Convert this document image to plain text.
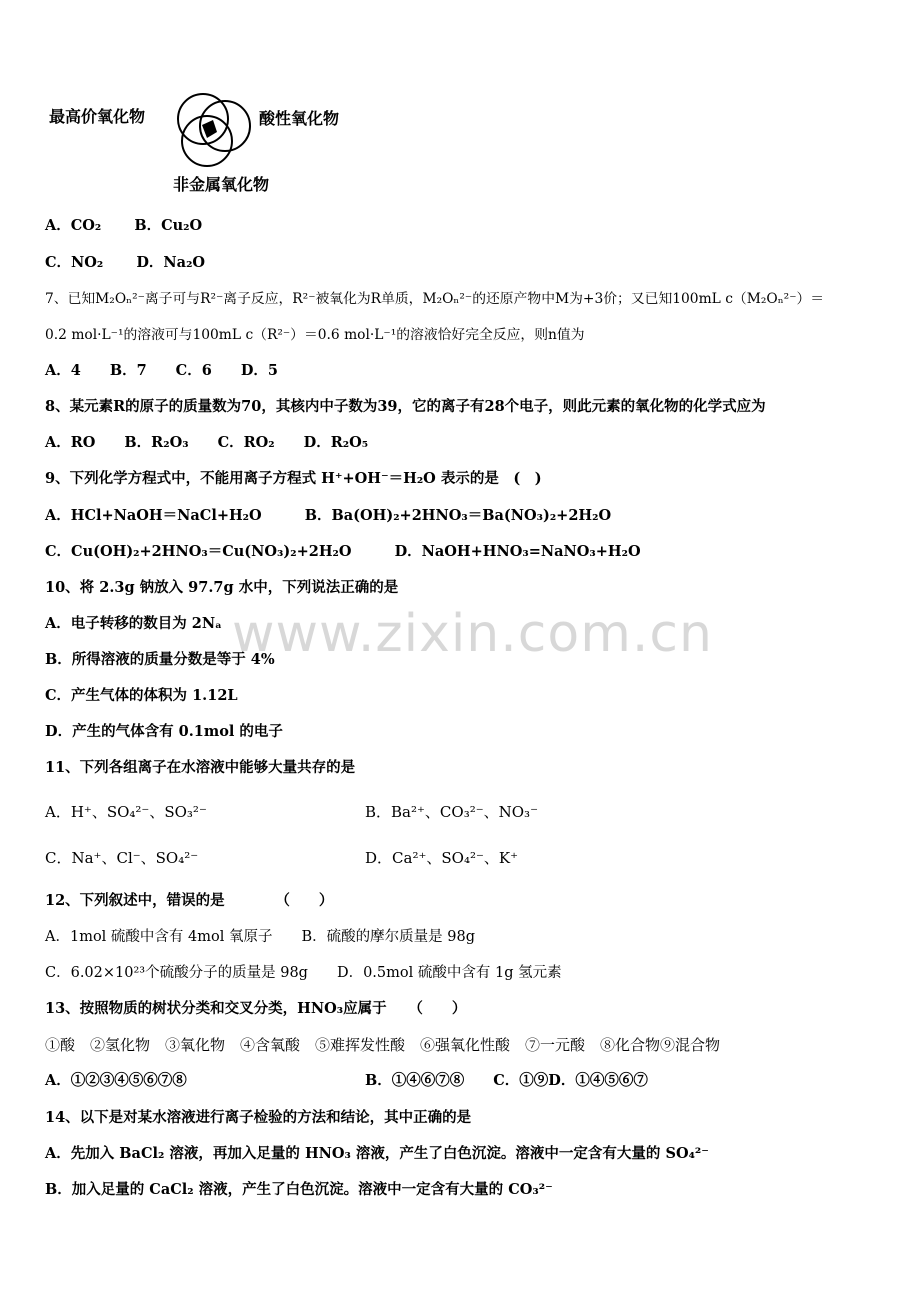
最高价氧化物	酸性氧化物
非金属氧化物
A．CO₂ B．Cu₂O
C．NO₂ D．Na₂O
7、已知M₂Oₙ²⁻离子可与R²⁻离子反应，R²⁻被氧化为R单质，M₂Oₙ²⁻的还原产物中M为+3价；又已知100mL c（M₂Oₙ²⁻）＝
0.2 mol·L⁻¹的溶液可与100mL c（R²⁻）＝0.6 mol·L⁻¹的溶液恰好完全反应，则n值为
A．4　　B．7　　C．6　　D．5
8、某元素R的原子的质量数为70，其核内中子数为39，它的离子有28个电子，则此元素的氧化物的化学式应为
A．RO　　B．R₂O₃　　C．RO₂　　D．R₂O₅
9、下列化学方程式中，不能用离子方程式 H⁺+OH⁻＝H₂O 表示的是　(　)
A．HCl+NaOH＝NaCl+H₂O	B．Ba(OH)₂+2HNO₃＝Ba(NO₃)₂+2H₂O
C．Cu(OH)₂+2HNO₃＝Cu(NO₃)₂+2H₂O	D．NaOH+HNO₃=NaNO₃+H₂O
10、将 2.3g 钠放入 97.7g 水中，下列说法正确的是
A．电子转移的数目为 2Nₐ
B．所得溶液的质量分数是等于 4%
C．产生气体的体积为 1.12L
D．产生的气体含有 0.1mol 的电子
11、下列各组离子在水溶液中能够大量共存的是
A．H⁺、SO₄²⁻、SO₃²⁻	B．Ba²⁺、CO₃²⁻、NO₃⁻
C．Na⁺、Cl⁻、SO₄²⁻	D．Ca²⁺、SO₄²⁻、K⁺
12、下列叙述中，错误的是　　　　（　　）
A．1mol 硫酸中含有 4mol 氧原子　　B．硫酸的摩尔质量是 98g
C．6.02×10²³个硫酸分子的质量是 98g　　D．0.5mol 硫酸中含有 1g 氢元素
13、按照物质的树状分类和交叉分类，HNO₃应属于　　（　　）
①酸　②氢化物　③氧化物　④含氧酸　⑤难挥发性酸　⑥强氧化性酸　⑦一元酸　⑧化合物⑨混合物
A．①②③④⑤⑥⑦⑧	B．①④⑥⑦⑧　　C．①⑨D．①④⑤⑥⑦
14、以下是对某水溶液进行离子检验的方法和结论，其中正确的是
A．先加入 BaCl₂ 溶液，再加入足量的 HNO₃ 溶液，产生了白色沉淀。溶液中一定含有大量的 SO₄²⁻
B．加入足量的 CaCl₂ 溶液，产生了白色沉淀。溶液中一定含有大量的 CO₃²⁻
www.zixin.com.cn
